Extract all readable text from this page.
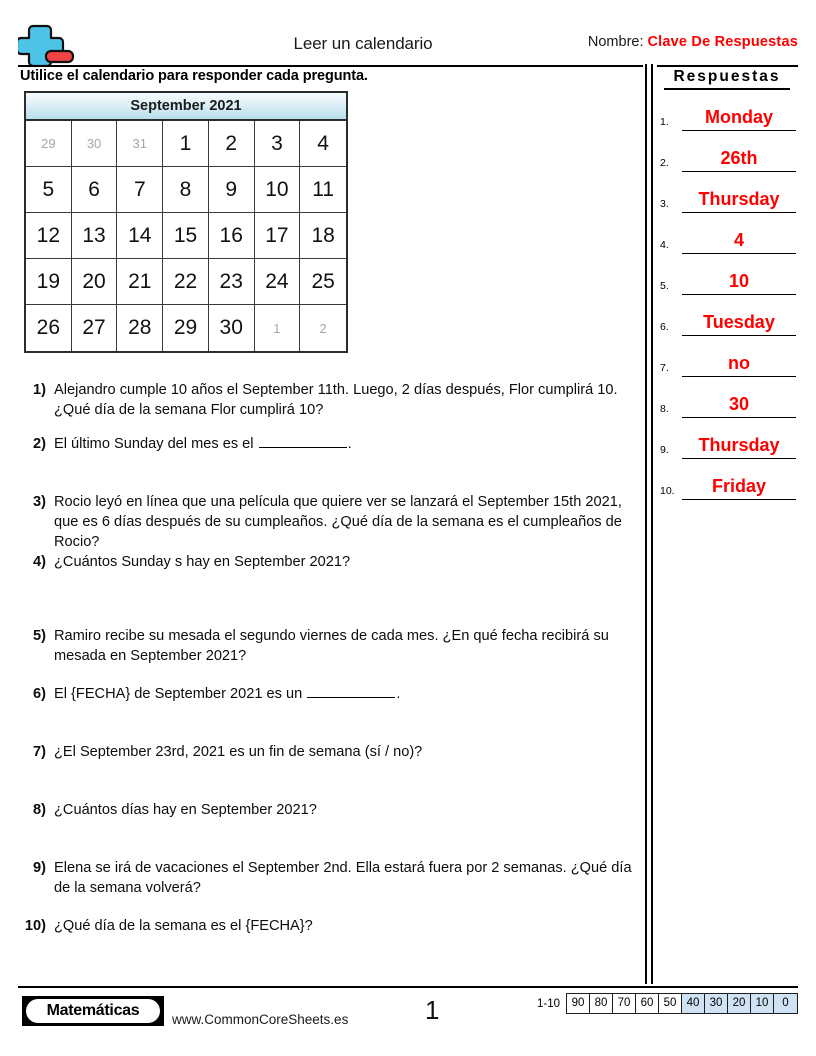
Leer un calendario	Nombre: Clave De Respuestas
Utilice el calendario para responder cada pregunta.
September 2021
29	30	31	1	2	3	4
5	6	7	8	9	10	11
12	13	14	15	16	17	18
19	20	21	22	23	24	25
26	27	28	29	30	1	2
1) Alejandro cumple 10 años el September 11th. Luego, 2 días después, Flor cumplirá 10. ¿Qué día de la semana Flor cumplirá 10?
2) El último Sunday del mes es el	.
3) Rocio leyó en línea que una película que quiere ver se lanzará el September 15th 2021, que es 6 días después de su cumpleaños. ¿Qué día de la semana es el cumpleaños de Rocio?
4) ¿Cuántos Sunday s hay en September 2021?
5) Ramiro recibe su mesada el segundo viernes de cada mes. ¿En qué fecha recibirá su mesada en September 2021?
6) El {FECHA} de September 2021 es un	.
7) ¿El September 23rd, 2021 es un fin de semana (sí / no)?
8) ¿Cuántos días hay en September 2021?
9) Elena se irá de vacaciones el September 2nd. Ella estará fuera por 2 semanas. ¿Qué día de la semana volverá?
10) ¿Qué día de la semana es el {FECHA}?
Respuestas
1.	Monday
2.	26th
3.	Thursday
4.	4
5.	10
6.	Tuesday
7.	no
8.	30
9.	Thursday
10.	Friday
Matemáticas
www.CommonCoreSheets.es	1	1-10	90 80 70 60 50 40 30 20 10	0
